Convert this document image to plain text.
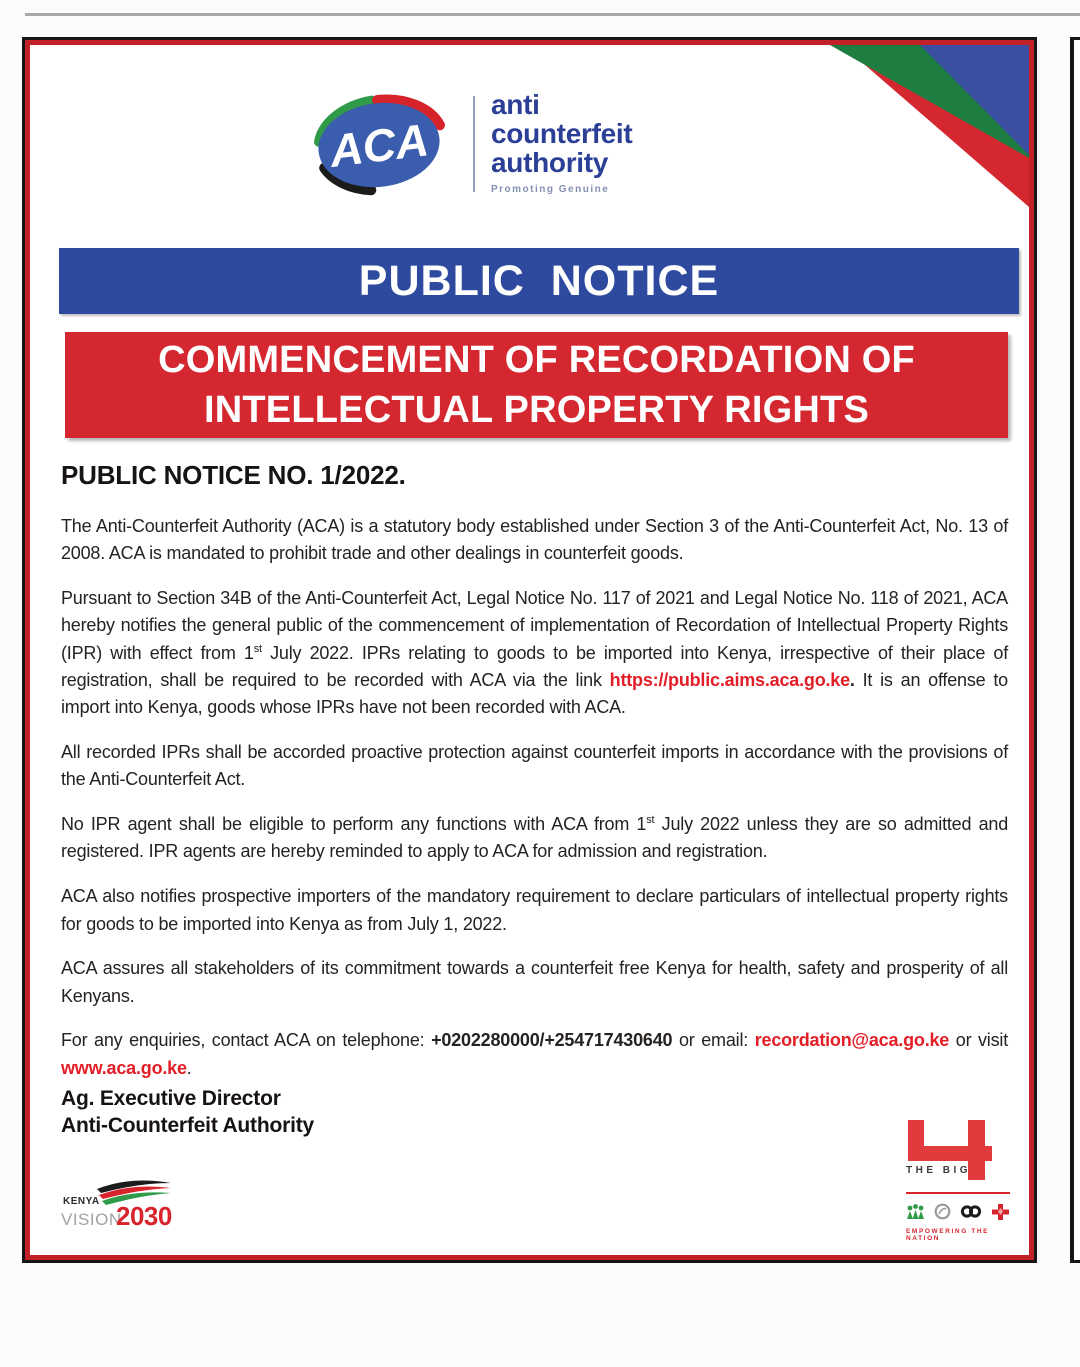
ACA
anti
counterfeit
authority
Promoting Genuine
PUBLIC  NOTICE
COMMENCEMENT OF RECORDATION OF
INTELLECTUAL PROPERTY RIGHTS
PUBLIC NOTICE NO. 1/2022.

The Anti-Counterfeit Authority (ACA) is a statutory body established under Section 3 of the Anti-Counterfeit Act, No. 13 of 2008. ACA is mandated to prohibit trade and other dealings in counterfeit goods.

Pursuant to Section 34B of the Anti-Counterfeit Act, Legal Notice No. 117 of 2021 and Legal Notice No. 118 of 2021, ACA hereby notifies the general public of the commencement of implementation of Recordation of Intellectual Property Rights (IPR) with effect from 1st July 2022. IPRs relating to goods to be imported into Kenya, irrespective of their place of registration, shall be required to be recorded with ACA via the link https://public.aims.aca.go.ke. It is an offense to import into Kenya, goods whose IPRs have not been recorded with ACA.

All recorded IPRs shall be accorded proactive protection against counterfeit imports in accordance with the provisions of the Anti-Counterfeit Act.

No IPR agent shall be eligible to perform any functions with ACA from 1st July 2022 unless they are so admitted and registered. IPR agents are hereby reminded to apply to ACA for admission and registration.

ACA also notifies prospective importers of the mandatory requirement to declare particulars of intellectual property rights for goods to be imported into Kenya as from July 1, 2022.

ACA assures all stakeholders of its commitment towards a counterfeit free Kenya for health, safety and prosperity of all Kenyans.

For any enquiries, contact ACA on telephone: +0202280000/+254717430640 or email: recordation@aca.go.ke or visit www.aca.go.ke.

Ag. Executive Director
Anti-Counterfeit Authority
KENYA
VISION
2030
THE BIG
EMPOWERING THE NATION
